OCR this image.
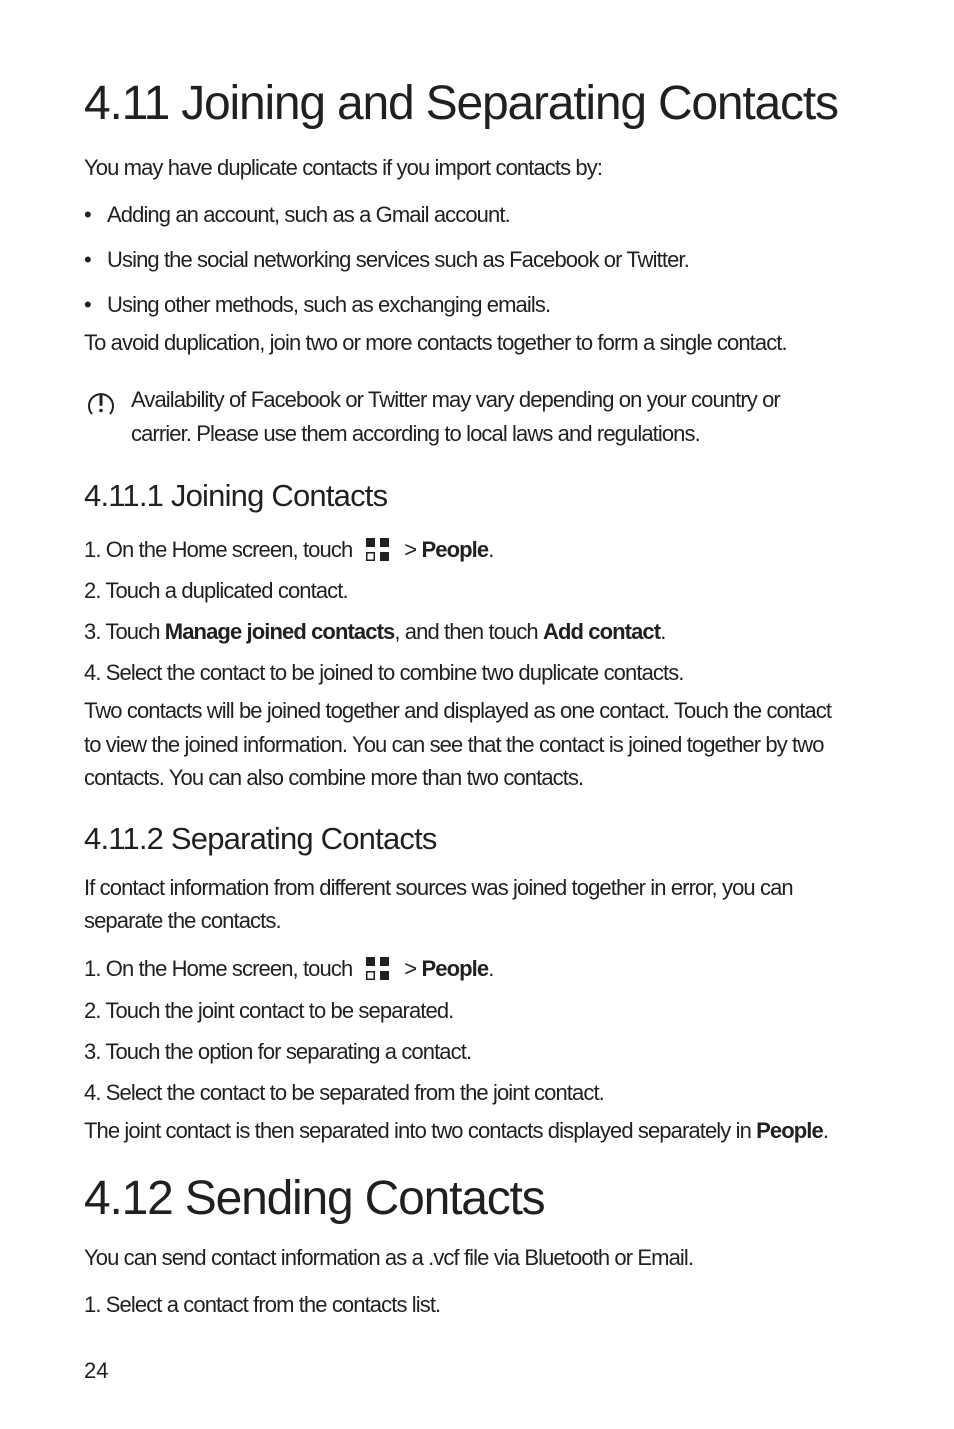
4.11 Joining and Separating Contacts
You may have duplicate contacts if you import contacts by:
• Adding an account, such as a Gmail account.
• Using the social networking services such as Facebook or Twitter.
• Using other methods, such as exchanging emails.
To avoid duplication, join two or more contacts together to form a single contact.
Availability of Facebook or Twitter may vary depending on your country or
carrier. Please use them according to local laws and regulations.
4.11.1 Joining Contacts
1. On the Home screen, touch > People.
2. Touch a duplicated contact.
3. Touch Manage joined contacts, and then touch Add contact.
4. Select the contact to be joined to combine two duplicate contacts.
Two contacts will be joined together and displayed as one contact. Touch the contact
to view the joined information. You can see that the contact is joined together by two
contacts. You can also combine more than two contacts.
4.11.2 Separating Contacts
If contact information from different sources was joined together in error, you can
separate the contacts.
1. On the Home screen, touch > People.
2. Touch the joint contact to be separated.
3. Touch the option for separating a contact.
4. Select the contact to be separated from the joint contact.
The joint contact is then separated into two contacts displayed separately in People.
4.12 Sending Contacts
You can send contact information as a .vcf file via Bluetooth or Email.
1. Select a contact from the contacts list.
24
